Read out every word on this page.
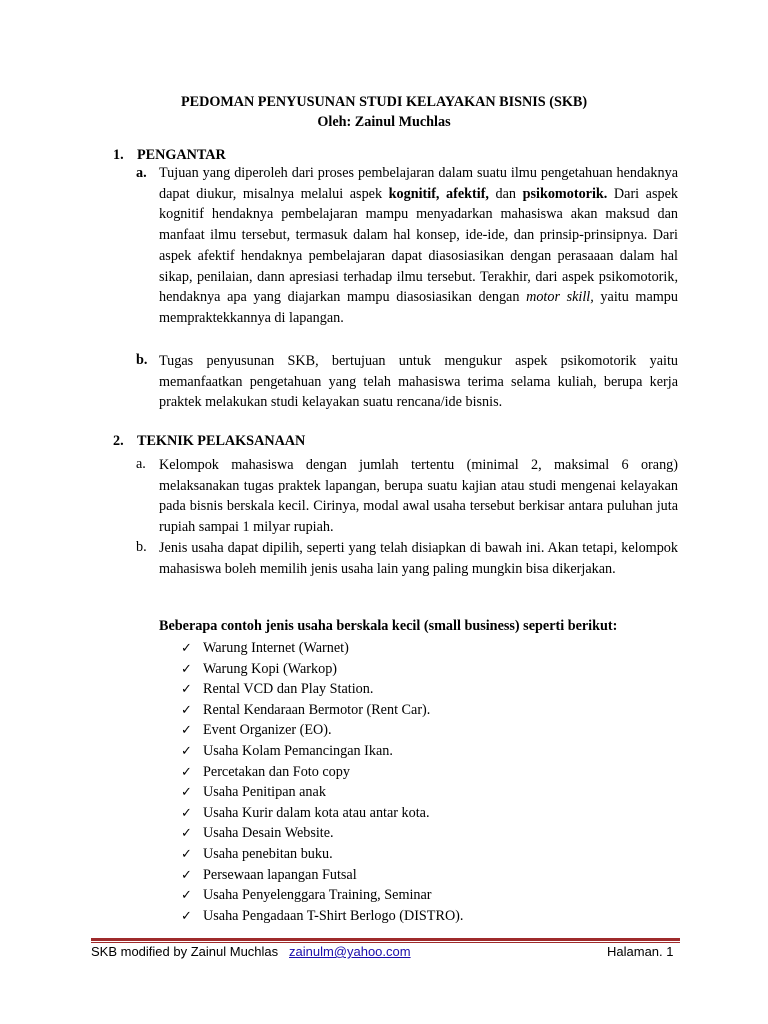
PEDOMAN PENYUSUNAN STUDI KELAYAKAN BISNIS (SKB)
Oleh: Zainul Muchlas
1. PENGANTAR
a. Tujuan yang diperoleh dari proses pembelajaran dalam suatu ilmu pengetahuan hendaknya dapat diukur, misalnya melalui aspek kognitif, afektif, dan psikomotorik. Dari aspek kognitif hendaknya pembelajaran mampu menyadarkan mahasiswa akan maksud dan manfaat ilmu tersebut, termasuk dalam hal konsep, ide-ide, dan prinsip-prinsipnya. Dari aspek afektif hendaknya pembelajaran dapat diasosiasikan dengan perasaaan dalam hal sikap, penilaian, dann apresiasi terhadap ilmu tersebut. Terakhir, dari aspek psikomotorik, hendaknya apa yang diajarkan mampu diasosiasikan dengan motor skill, yaitu mampu mempraktekkannya di lapangan.
b. Tugas penyusunan SKB, bertujuan untuk mengukur aspek psikomotorik yaitu memanfaatkan pengetahuan yang telah mahasiswa terima selama kuliah, berupa kerja praktek melakukan studi kelayakan suatu rencana/ide bisnis.
2. TEKNIK PELAKSANAAN
a. Kelompok mahasiswa dengan jumlah tertentu (minimal 2, maksimal 6 orang) melaksanakan tugas praktek lapangan, berupa suatu kajian atau studi mengenai kelayakan pada bisnis berskala kecil. Cirinya, modal awal usaha tersebut berkisar antara puluhan juta rupiah sampai 1 milyar rupiah.
b. Jenis usaha dapat dipilih, seperti yang telah disiapkan di bawah ini. Akan tetapi, kelompok mahasiswa boleh memilih jenis usaha lain yang paling mungkin bisa dikerjakan.
Beberapa contoh jenis usaha berskala kecil (small business) seperti berikut:
✓ Warung Internet (Warnet)
✓ Warung Kopi (Warkop)
✓ Rental VCD dan Play Station.
✓ Rental Kendaraan Bermotor (Rent Car).
✓ Event Organizer (EO).
✓ Usaha Kolam Pemancingan Ikan.
✓ Percetakan dan Foto copy
✓ Usaha Penitipan anak
✓ Usaha Kurir dalam kota atau antar kota.
✓ Usaha Desain Website.
✓ Usaha penebitan buku.
✓ Persewaan lapangan Futsal
✓ Usaha Penyelenggara Training, Seminar
✓ Usaha Pengadaan T-Shirt Berlogo (DISTRO).
SKB modified by Zainul Muchlas zainulm@yahoo.com	Halaman. 1
